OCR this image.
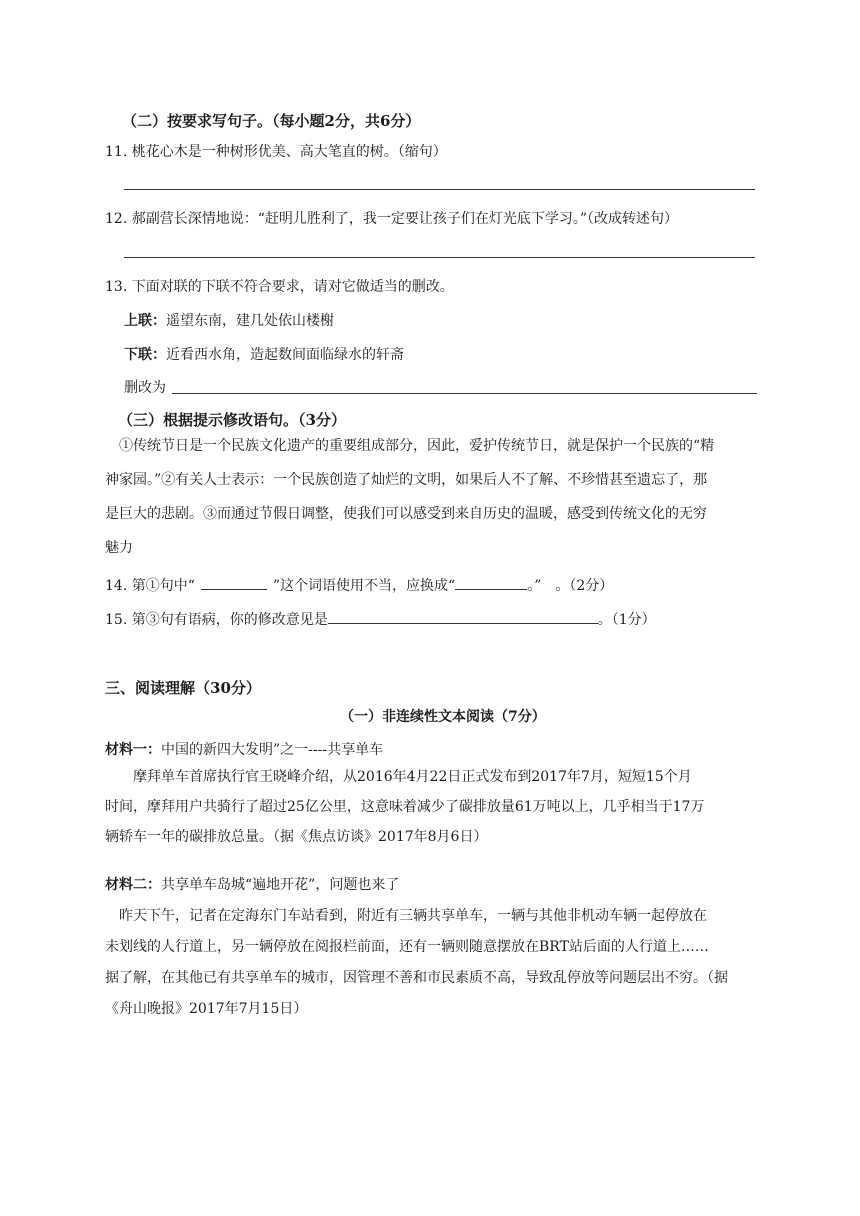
（二）按要求写句子。（每小题2分，共6分）
11. 桃花心木是一种树形优美、高大笔直的树。（缩句）
12. 郝副营长深情地说：“赶明儿胜利了，我一定要让孩子们在灯光底下学习。”（改成转述句）
13. 下面对联的下联不符合要求，请对它做适当的删改。
上联：遥望东南，建几处依山楼榭
下联：近看西水角，造起数间面临绿水的轩斋
删改为
（三）根据提示修改语句。（3分）

①传统节日是一个民族文化遗产的重要组成部分，因此，爱护传统节日，就是保护一个民族的“精

神家园。”②有关人士表示：一个民族创造了灿烂的文明，如果后人不了解、不珍惜甚至遗忘了，那

是巨大的悲剧。③而通过节假日调整，使我们可以感受到来自历史的温暖，感受到传统文化的无穷

魅力

14. 第①句中“	”这个词语使用不当，应换成“	。”　。（2分）
15. 第③句有语病，你的修改意见是	。（1分）
三、阅读理解（30分）
（一）非连续性文本阅读（7分）
材料一：中国的新四大发明”之一----共享单车

摩拜单车首席执行官王晓峰介绍，从2016年4月22日正式发布到2017年7月，短短15个月

时间，摩拜用户共骑行了超过25亿公里，这意味着减少了碳排放量61万吨以上，几乎相当于17万

辆轿车一年的碳排放总量。（据《焦点访谈》2017年8月6日）

材料二：共享单车岛城“遍地开花”，问题也来了

昨天下午，记者在定海东门车站看到，附近有三辆共享单车，一辆与其他非机动车辆一起停放在

未划线的人行道上，另一辆停放在阅报栏前面，还有一辆则随意摆放在BRT站后面的人行道上……

据了解，在其他已有共享单车的城市，因管理不善和市民素质不高，导致乱停放等问题层出不穷。（据

《舟山晚报》2017年7月15日）
